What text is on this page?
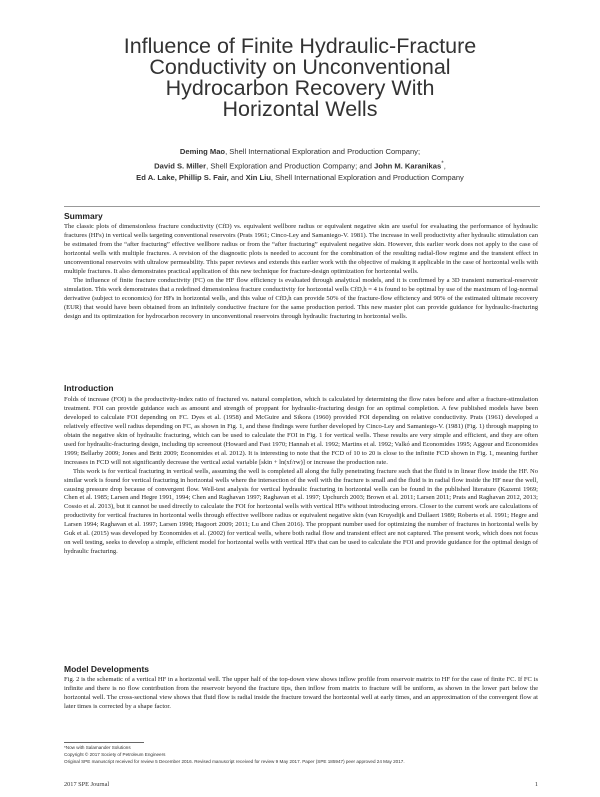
Influence of Finite Hydraulic-Fracture
Conductivity on Unconventional
Hydrocarbon Recovery With
Horizontal Wells
Deming Mao, Shell International Exploration and Production Company;
David S. Miller, Shell Exploration and Production Company; and John M. Karanikas*,
Ed A. Lake, Phillip S. Fair, and Xin Liu, Shell International Exploration and Production Company
Summary

The classic plots of dimensionless fracture conductivity (CfD) vs. equivalent wellbore radius or equivalent negative skin are useful for evaluating the performance of hydraulic fractures (HFs) in vertical wells targeting conventional reservoirs (Prats 1961; Cinco-Ley and Samaniego-V. 1981). The increase in well productivity after hydraulic stimulation can be estimated from the “after fracturing” effective wellbore radius or from the “after fracturing” equivalent negative skin. However, this earlier work does not apply to the case of horizontal wells with multiple fractures. A revision of the diagnostic plots is needed to account for the combination of the resulting radial-flow regime and the transient effect in unconventional reservoirs with ultralow permeability. This paper reviews and extends this earlier work with the objective of making it applicable in the case of horizontal wells with multiple fractures. It also demonstrates practical application of this new technique for fracture-design optimization for horizontal wells.

The influence of finite fracture conductivity (FC) on the HF flow efficiency is evaluated through analytical models, and it is confirmed by a 3D transient numerical-reservoir simulation. This work demonstrates that a redefined dimensionless fracture conductivity for horizontal wells CfD,h = 4 is found to be optimal by use of the maximum of log-normal derivative (subject to economics) for HFs in horizontal wells, and this value of CfD,h can provide 50% of the fracture-flow efficiency and 90% of the estimated ultimate recovery (EUR) that would have been obtained from an infinitely conductive fracture for the same production period. This new master plot can provide guidance for hydraulic-fracturing design and its optimization for hydrocarbon recovery in unconventional reservoirs through hydraulic fracturing in horizontal wells.

Introduction

Folds of increase (FOI) is the productivity-index ratio of fractured vs. natural completion, which is calculated by determining the flow rates before and after a fracture-stimulation treatment. FOI can provide guidance such as amount and strength of proppant for hydraulic-fracturing design for an optimal completion. A few published models have been developed to calculate FOI depending on FC. Dyes et al. (1958) and McGuire and Sikora (1960) provided FOI depending on relative conductivity. Prats (1961) developed a relatively effective well radius depending on FC, as shown in Fig. 1, and these findings were further developed by Cinco-Ley and Samaniego-V. (1981) (Fig. 1) through mapping to obtain the negative skin of hydraulic fracturing, which can be used to calculate the FOI in Fig. 1 for vertical wells. These results are very simple and efficient, and they are often used for hydraulic-fracturing design, including tip screenout (Howard and Fast 1970; Hannah et al. 1992; Martins et al. 1992; Valkó and Economides 1995; Aggour and Economides 1999; Bellarby 2009; Jones and Britt 2009; Economides et al. 2012). It is interesting to note that the FCD of 10 to 20 is close to the infinite FCD shown in Fig. 1, meaning further increases in FCD will not significantly decrease the vertical axial variable [skin + ln(xf/rw)] or increase the production rate.

This work is for vertical fracturing in vertical wells, assuming the well is completed all along the fully penetrating fracture such that the fluid is in linear flow inside the HF. No similar work is found for vertical fracturing in horizontal wells where the intersection of the well with the fracture is small and the fluid is in radial flow inside the HF near the well, causing pressure drop because of convergent flow. Well-test analysis for vertical hydraulic fracturing in horizontal wells can be found in the published literature (Kazemi 1969; Chen et al. 1985; Larsen and Hegre 1991, 1994; Chen and Raghavan 1997; Raghavan et al. 1997; Upchurch 2003; Brown et al. 2011; Larsen 2011; Prats and Raghavan 2012, 2013; Cossio et al. 2013), but it cannot be used directly to calculate the FOI for horizontal wells with vertical HFs without introducing errors. Closer to the current work are calculations of productivity for vertical fractures in horizontal wells through effective wellbore radius or equivalent negative skin (van Kruysdijk and Dullaert 1989; Roberts et al. 1991; Hegre and Larsen 1994; Raghavan et al. 1997; Larsen 1998; Hagoort 2009; 2011; Lu and Chen 2016). The proppant number used for optimizing the number of fractures in horizontal wells by Guk et al. (2015) was developed by Economides et al. (2002) for vertical wells, where both radial flow and transient effect are not captured. The present work, which does not focus on well testing, seeks to develop a simple, efficient model for horizontal wells with vertical HFs that can be used to calculate the FOI and provide guidance for the optimal design of hydraulic fracturing.

Model Developments

Fig. 2 is the schematic of a vertical HF in a horizontal well. The upper half of the top-down view shows inflow profile from reservoir matrix to HF for the case of finite FC. If FC is infinite and there is no flow contribution from the reservoir beyond the fracture tips, then inflow from matrix to fracture will be uniform, as shown in the lower part below the horizontal well. The cross-sectional view shows that fluid flow is radial inside the fracture toward the horizontal well at early times, and an approximation of the convergent flow at later times is corrected by a shape factor.

*Now with Salamander Solutions
Copyright © 2017 Society of Petroleum Engineers
Original SPE manuscript received for review 5 December 2016. Revised manuscript received for review 9 May 2017. Paper (SPE 185947) peer approved 24 May 2017.
2017 SPE Journal	1
